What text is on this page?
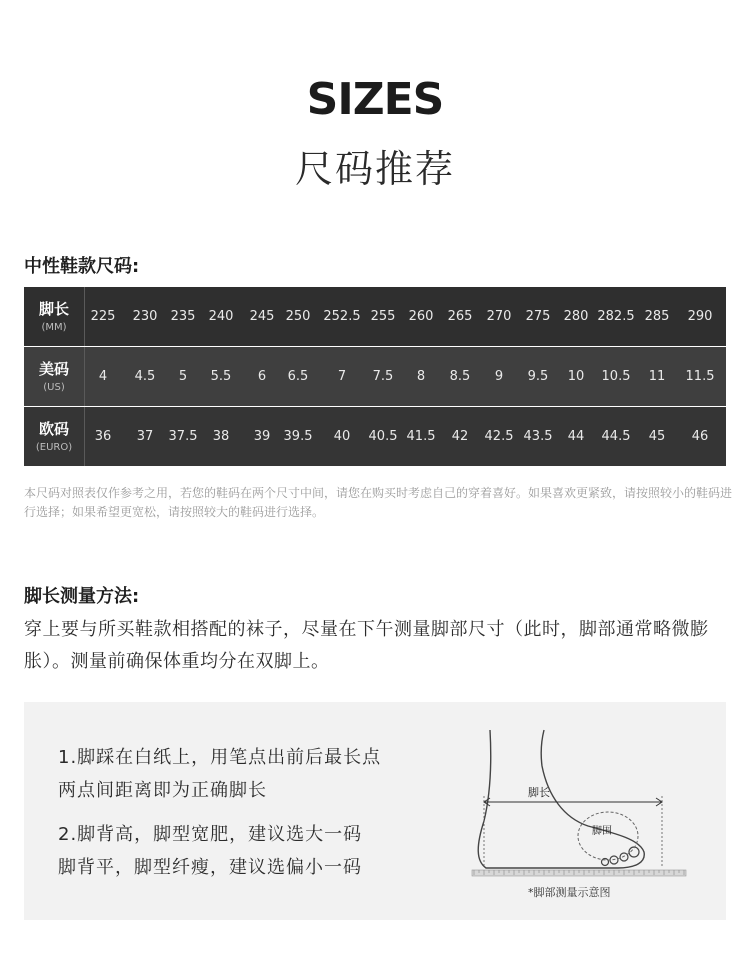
SIZES
尺码推荐
中性鞋款尺码:
脚长
(MM)
225 230 235 240 245 250 252.5 255 260 265 270 275 280 282.5 285 290
美码
(US)
4 4.5 5 5.5 6 6.5 7 7.5 8 8.5 9 9.5 10 10.5 11 11.5
欧码
(EURO)
36 37 37.5 38 39 39.5 40 40.5 41.5 42 42.5 43.5 44 44.5 45 46
本尺码对照表仅作参考之用，若您的鞋码在两个尺寸中间，请您在购买时考虑自己的穿着喜好。如果喜欢更紧致，请按照较小的鞋码进行选择；如果希望更宽松，请按照较大的鞋码进行选择。
脚长测量方法:
穿上要与所买鞋款相搭配的袜子，尽量在下午测量脚部尺寸（此时，脚部通常略微膨胀）。测量前确保体重均分在双脚上。
1.脚踩在白纸上，用笔点出前后最长点
两点间距离即为正确脚长
2.脚背高，脚型宽肥，建议选大一码
脚背平，脚型纤瘦，建议选偏小一码
脚长
脚围
*脚部测量示意图
